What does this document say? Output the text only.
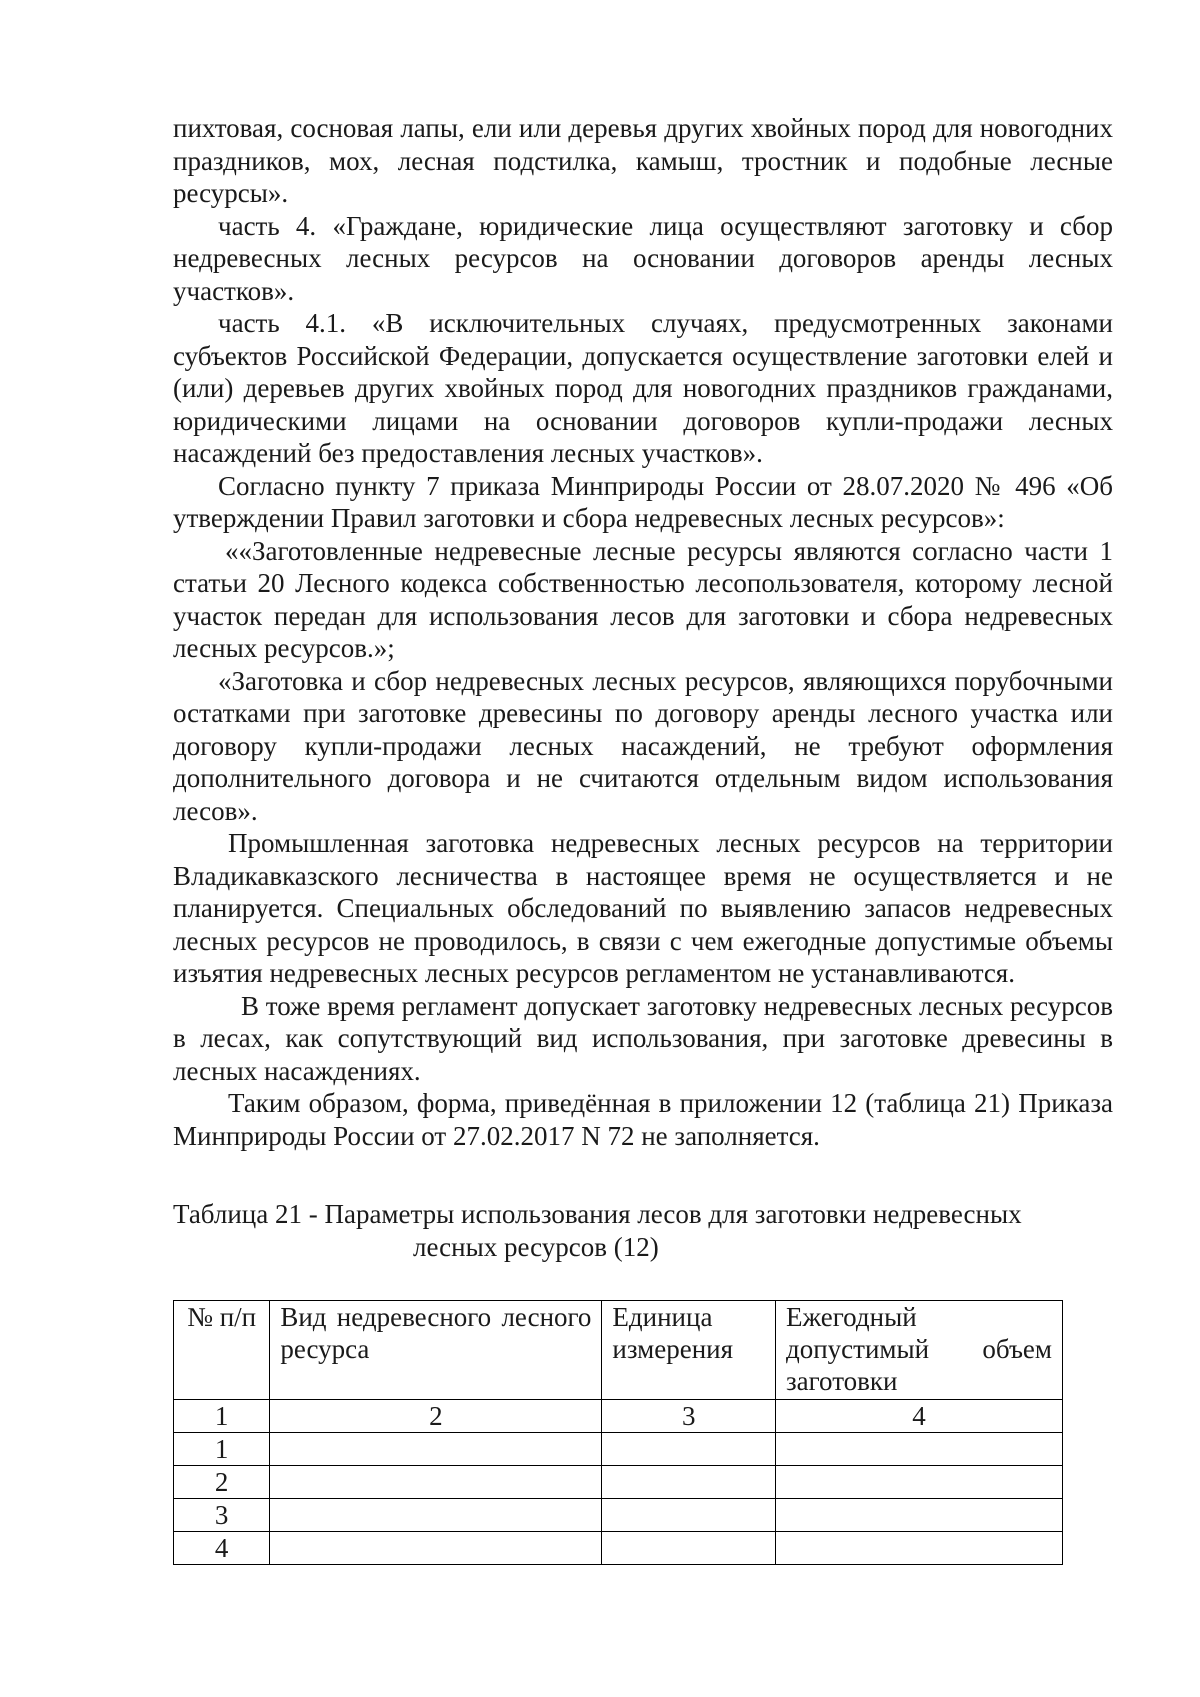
пихтовая, сосновая лапы, ели или деревья других хвойных пород для новогодних праздников, мох, лесная подстилка, камыш, тростник и подобные лесные ресурсы».

часть 4. «Граждане, юридические лица осуществляют заготовку и сбор недревесных лесных ресурсов на основании договоров аренды лесных участков».

часть 4.1. «В исключительных случаях, предусмотренных законами субъектов Российской Федерации, допускается осуществление заготовки елей и (или) деревьев других хвойных пород для новогодних праздников гражданами, юридическими лицами на основании договоров купли-продажи лесных насаждений без предоставления лесных участков».

Согласно пункту 7 приказа Минприроды России от 28.07.2020 № 496 «Об утверждении Правил заготовки и сбора недревесных лесных ресурсов»:

««Заготовленные недревесные лесные ресурсы являются согласно части 1 статьи 20 Лесного кодекса собственностью лесопользователя, которому лесной участок передан для использования лесов для заготовки и сбора недревесных лесных ресурсов.»;

«Заготовка и сбор недревесных лесных ресурсов, являющихся порубочными остатками при заготовке древесины по договору аренды лесного участка или договору купли-продажи лесных насаждений, не требуют оформления дополнительного договора и не считаются отдельным видом использования лесов».

Промышленная заготовка недревесных лесных ресурсов на территории Владикавказского лесничества в настоящее время не осуществляется и не планируется. Специальных обследований по выявлению запасов недревесных лесных ресурсов не проводилось, в связи с чем ежегодные допустимые объемы изъятия недревесных лесных ресурсов регламентом не устанавливаются.

В тоже время регламент допускает заготовку недревесных лесных ресурсов в лесах, как сопутствующий вид использования, при заготовке древесины в лесных насаждениях.

Таким образом, форма, приведённая в приложении 12 (таблица 21) Приказа Минприроды России от 27.02.2017 N 72 не заполняется.

Таблица 21 - Параметры использования лесов для заготовки недревесных
лесных ресурсов (12)
№ п/п	Вид недревесного лесного ресурса	Единица измерения	Ежегодный допустимый объем заготовки
1	2	3	4
1			
2			
3			
4			
